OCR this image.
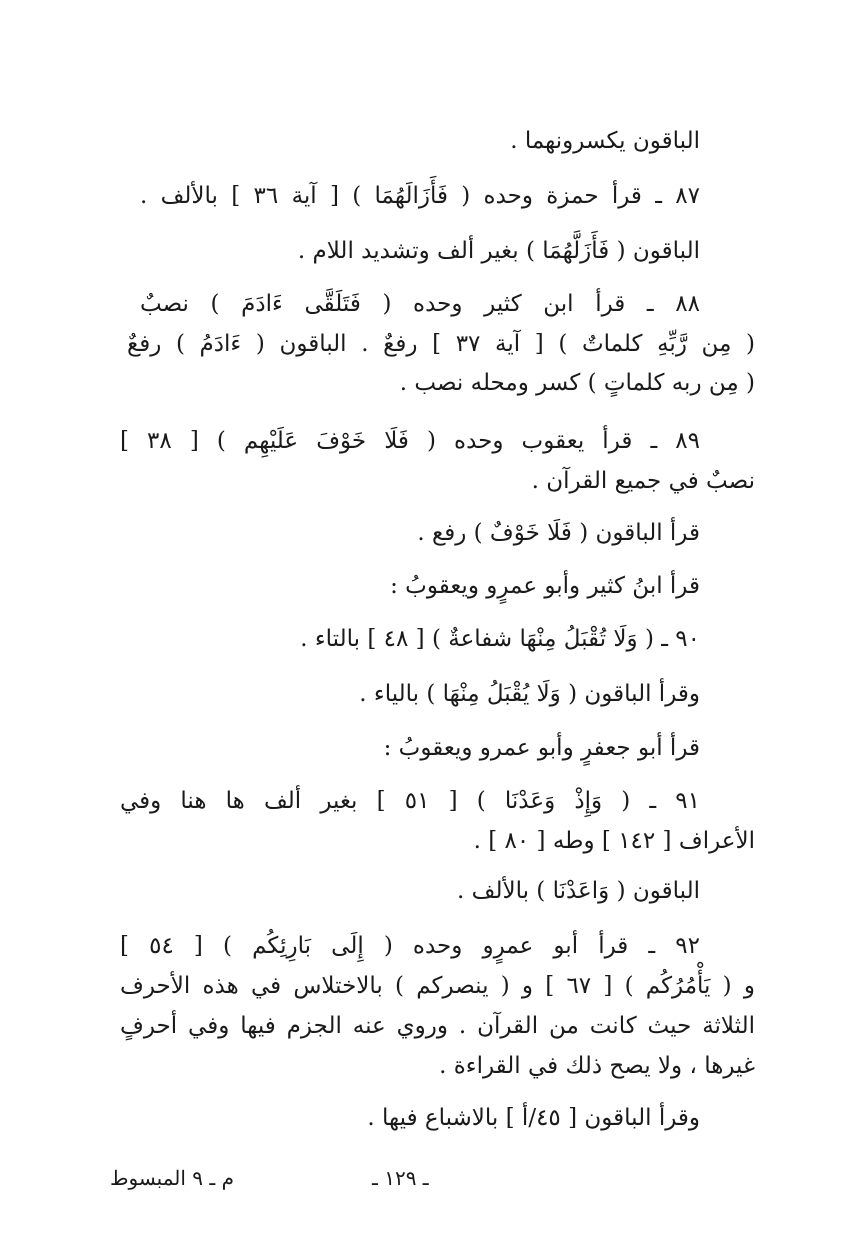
الباقون يكسرونهما .
٨٧ ـ قرأ حمزة وحده ( فَأَزَالَهُمَا ) [ آية ٣٦ ] بالألف .
الباقون ( فَأَزَلَّهُمَا ) بغير ألف وتشديد اللام .
٨٨ ـ قرأ ابن كثير وحده ( فَتَلَقَّى ءَادَمَ ) نصبٌ
( مِن رَّبِّهِ كلماتٌ ) [ آية ٣٧ ] رفعٌ . الباقون ( ءَادَمُ ) رفعٌ
( مِن ربه كلماتٍ ) كسر ومحله نصب .
٨٩ ـ قرأ يعقوب وحده ( فَلَا خَوْفَ عَلَيْهِم ) [ ٣٨ ]
نصبٌ في جميع القرآن .
قرأ الباقون ( فَلَا خَوْفٌ ) رفع .
قرأ ابنُ كثير وأبو عمرٍو ويعقوبُ :
٩٠ ـ ( وَلَا تُقْبَلُ مِنْهَا شفاعةٌ ) [ ٤٨ ] بالتاء .
وقرأ الباقون ( وَلَا يُقْبَلُ مِنْهَا ) بالياء .
قرأ أبو جعفرٍ وأبو عمرو ويعقوبُ :
٩١ ـ ( وَإِذْ وَعَدْنَا ) [ ٥١ ] بغير ألف ها هنا وفي
الأعراف [ ١٤٢ ] وطه [ ٨٠ ] .
الباقون ( وَاعَدْنَا ) بالألف .
٩٢ ـ قرأ أبو عمرٍو وحده ( إِلَى بَارِئِكُم ) [ ٥٤ ]
و ( يَأْمُرُكُم ) [ ٦٧ ] و ( ينصركم ) بالاختلاس في هذه الأحرف
الثلاثة حيث كانت من القرآن . وروي عنه الجزم فيها وفي أحرفٍ
غيرها ، ولا يصح ذلك في القراءة .
وقرأ الباقون [ ٤٥/أ ] بالاشباع فيها .
ـ ١٢٩ ـ
م ـ ٩ المبسوط
